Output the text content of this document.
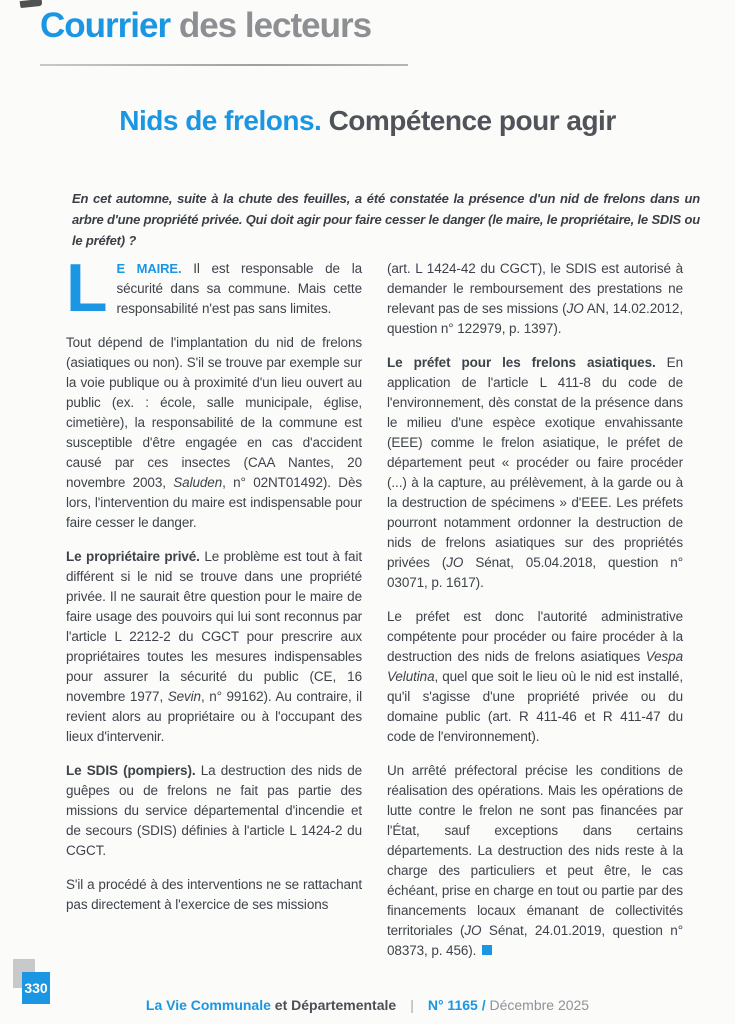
Courrier des lecteurs
Nids de frelons. Compétence pour agir
En cet automne, suite à la chute des feuilles, a été constatée la présence d'un nid de frelons dans un arbre d'une propriété privée. Qui doit agir pour faire cesser le danger (le maire, le propriétaire, le SDIS ou le préfet) ?

L E MAIRE. Il est responsable de la sécurité dans sa commune. Mais cette responsabilité n'est pas sans limites.

Tout dépend de l'implantation du nid de frelons (asiatiques ou non). S'il se trouve par exemple sur la voie publique ou à proximité d'un lieu ouvert au public (ex. : école, salle municipale, église, cimetière), la responsabilité de la commune est susceptible d'être engagée en cas d'accident causé par ces insectes (CAA Nantes, 20 novembre 2003, Saluden, n° 02NT01492). Dès lors, l'intervention du maire est indispensable pour faire cesser le danger.

Le propriétaire privé. Le problème est tout à fait différent si le nid se trouve dans une propriété privée. Il ne saurait être question pour le maire de faire usage des pouvoirs qui lui sont reconnus par l'article L 2212-2 du CGCT pour prescrire aux propriétaires toutes les mesures indispensables pour assurer la sécurité du public (CE, 16 novembre 1977, Sevin, n° 99162). Au contraire, il revient alors au propriétaire ou à l'occupant des lieux d'intervenir.

Le SDIS (pompiers). La destruction des nids de guêpes ou de frelons ne fait pas partie des missions du service départemental d'incendie et de secours (SDIS) définies à l'article L 1424-2 du CGCT.

S'il a procédé à des interventions ne se rattachant pas directement à l'exercice de ses missions

(art. L 1424-42 du CGCT), le SDIS est autorisé à demander le remboursement des prestations ne relevant pas de ses missions (JO AN, 14.02.2012, question n° 122979, p. 1397).

Le préfet pour les frelons asiatiques. En application de l'article L 411-8 du code de l'environnement, dès constat de la présence dans le milieu d'une espèce exotique envahissante (EEE) comme le frelon asiatique, le préfet de département peut « procéder ou faire procéder (...) à la capture, au prélèvement, à la garde ou à la destruction de spécimens » d'EEE. Les préfets pourront notamment ordonner la destruction de nids de frelons asiatiques sur des propriétés privées (JO Sénat, 05.04.2018, question n° 03071, p. 1617).

Le préfet est donc l'autorité administrative compétente pour procéder ou faire procéder à la destruction des nids de frelons asiatiques Vespa Velutina, quel que soit le lieu où le nid est installé, qu'il s'agisse d'une propriété privée ou du domaine public (art. R 411-46 et R 411-47 du code de l'environnement).

Un arrêté préfectoral précise les conditions de réalisation des opérations. Mais les opérations de lutte contre le frelon ne sont pas financées par l'État, sauf exceptions dans certains départements. La destruction des nids reste à la charge des particuliers et peut être, le cas échéant, prise en charge en tout ou partie par des financements locaux émanant de collectivités territoriales (JO Sénat, 24.01.2019, question n° 08373, p. 456).

330
La Vie Communale et Départementale | N° 1165 / Décembre 2025
